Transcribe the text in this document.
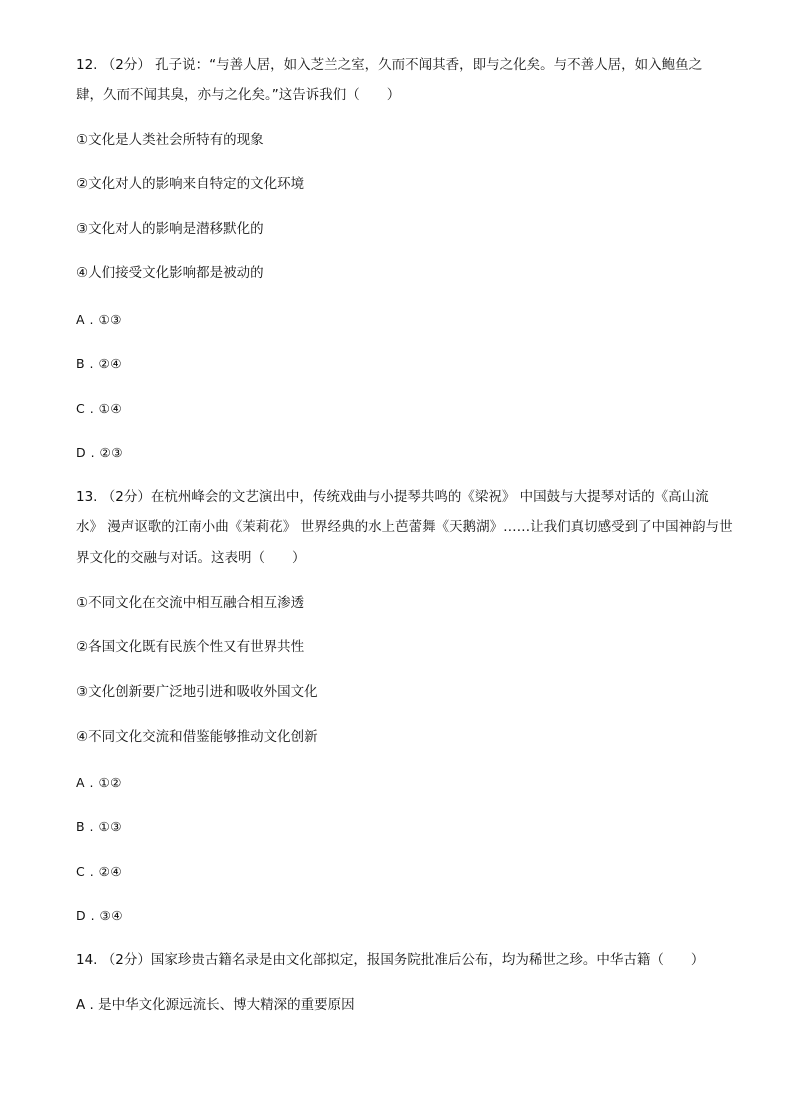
12. （2分） 孔子说：“与善人居，如入芝兰之室，久而不闻其香，即与之化矣。与不善人居，如入鲍鱼之
肆，久而不闻其臭，亦与之化矣。”这告诉我们（　　）
①文化是人类社会所特有的现象
②文化对人的影响来自特定的文化环境
③文化对人的影响是潜移默化的
④人们接受文化影响都是被动的
A . ①③
B . ②④
C . ①④
D . ②③
13. （2分）在杭州峰会的文艺演出中，传统戏曲与小提琴共鸣的《梁祝》 中国鼓与大提琴对话的《高山流
水》 漫声讴歌的江南小曲《茉莉花》 世界经典的水上芭蕾舞《天鹅湖》……让我们真切感受到了中国神韵与世
界文化的交融与对话。这表明（　　）
①不同文化在交流中相互融合相互渗透
②各国文化既有民族个性又有世界共性
③文化创新要广泛地引进和吸收外国文化
④不同文化交流和借鉴能够推动文化创新
A . ①②
B . ①③
C . ②④
D . ③④
14. （2分）国家珍贵古籍名录是由文化部拟定，报国务院批准后公布，均为稀世之珍。中华古籍（　　）
A . 是中华文化源远流长、博大精深的重要原因
